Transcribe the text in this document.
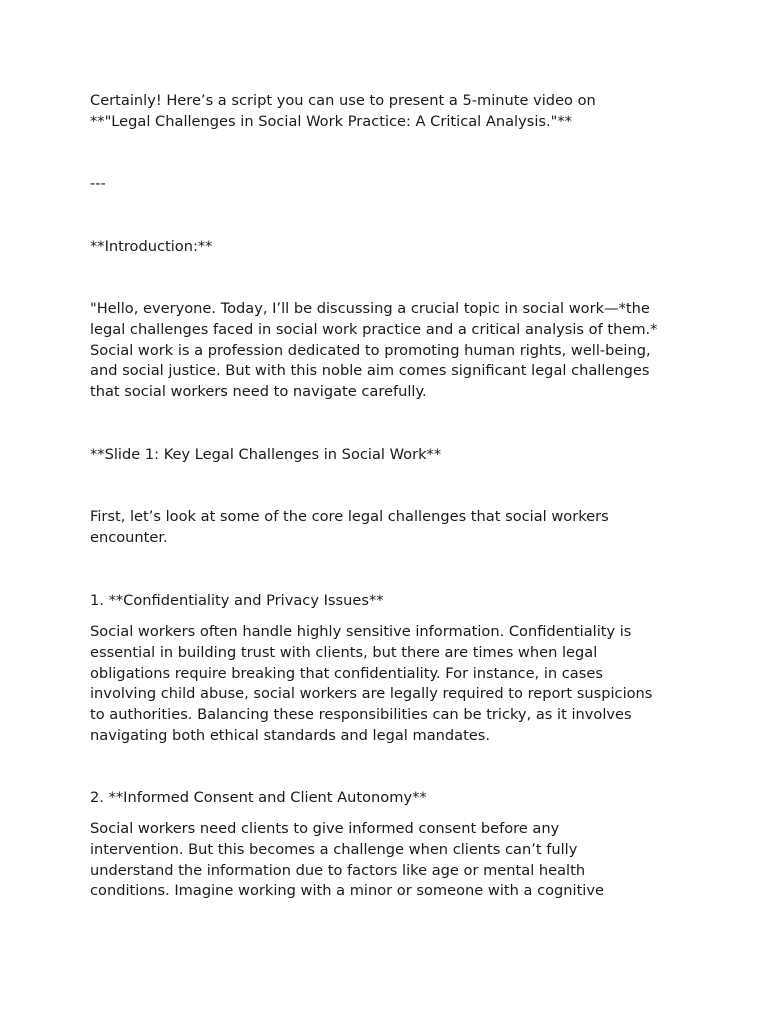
Certainly! Here’s a script you can use to present a 5-minute video on
**"Legal Challenges in Social Work Practice: A Critical Analysis."**

---

**Introduction:**

"Hello, everyone. Today, I’ll be discussing a crucial topic in social work—*the
legal challenges faced in social work practice and a critical analysis of them.*
Social work is a profession dedicated to promoting human rights, well-being,
and social justice. But with this noble aim comes significant legal challenges
that social workers need to navigate carefully.

**Slide 1: Key Legal Challenges in Social Work**

First, let’s look at some of the core legal challenges that social workers
encounter.

1. **Confidentiality and Privacy Issues**

Social workers often handle highly sensitive information. Confidentiality is
essential in building trust with clients, but there are times when legal
obligations require breaking that confidentiality. For instance, in cases
involving child abuse, social workers are legally required to report suspicions
to authorities. Balancing these responsibilities can be tricky, as it involves
navigating both ethical standards and legal mandates.

2. **Informed Consent and Client Autonomy**

Social workers need clients to give informed consent before any
intervention. But this becomes a challenge when clients can’t fully
understand the information due to factors like age or mental health
conditions. Imagine working with a minor or someone with a cognitive
